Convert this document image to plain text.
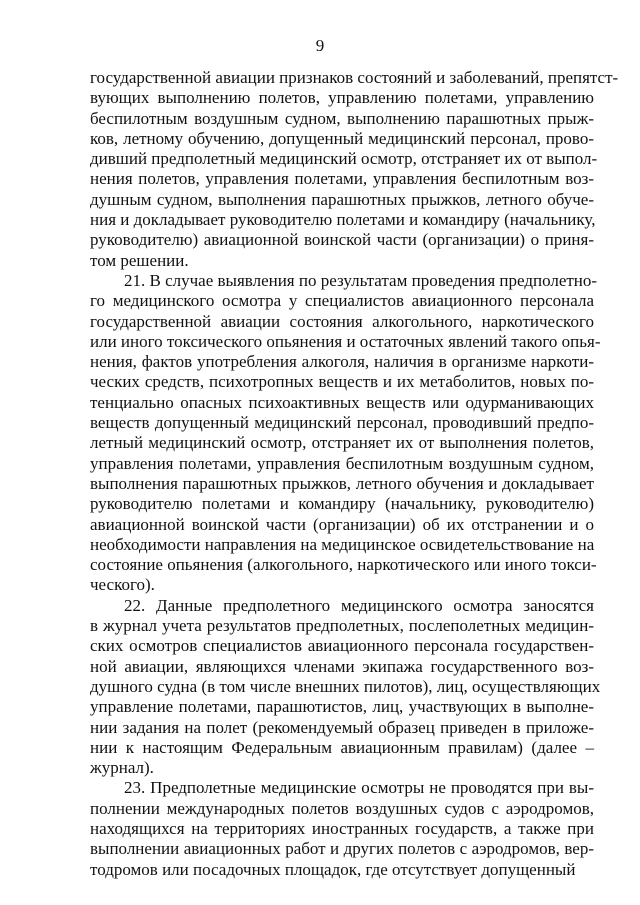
9

государственной авиации признаков состояний и заболеваний, препятст-
вующих выполнению полетов, управлению полетами, управлению
беспилотным воздушным судном, выполнению парашютных прыж-
ков, летному обучению, допущенный медицинский персонал, прово-
дивший предполетный медицинский осмотр, отстраняет их от выпол-
нения полетов, управления полетами, управления беспилотным воз-
душным судном, выполнения парашютных прыжков, летного обуче-
ния и докладывает руководителю полетами и командиру (начальнику,
руководителю) авиационной воинской части (организации) о приня-
том решении.

21. В случае выявления по результатам проведения предполетно-
го медицинского осмотра у специалистов авиационного персонала
государственной авиации состояния алкогольного, наркотического
или иного токсического опьянения и остаточных явлений такого опья-
нения, фактов употребления алкоголя, наличия в организме наркоти-
ческих средств, психотропных веществ и их метаболитов, новых по-
тенциально опасных психоактивных веществ или одурманивающих
веществ допущенный медицинский персонал, проводивший предпо-
летный медицинский осмотр, отстраняет их от выполнения полетов,
управления полетами, управления беспилотным воздушным судном,
выполнения парашютных прыжков, летного обучения и докладывает
руководителю полетами и командиру (начальнику, руководителю)
авиационной воинской части (организации) об их отстранении и о
необходимости направления на медицинское освидетельствование на
состояние опьянения (алкогольного, наркотического или иного токси-
ческого).

22. Данные предполетного медицинского осмотра заносятся
в журнал учета результатов предполетных, послеполетных медицин-
ских осмотров специалистов авиационного персонала государствен-
ной авиации, являющихся членами экипажа государственного воз-
душного судна (в том числе внешних пилотов), лиц, осуществляющих
управление полетами, парашютистов, лиц, участвующих в выполне-
нии задания на полет (рекомендуемый образец приведен в приложе-
нии к настоящим Федеральным авиационным правилам) (далее –
журнал).

23. Предполетные медицинские осмотры не проводятся при вы-
полнении международных полетов воздушных судов с аэродромов,
находящихся на территориях иностранных государств, а также при
выполнении авиационных работ и других полетов с аэродромов, вер-
тодромов или посадочных площадок, где отсутствует допущенный
